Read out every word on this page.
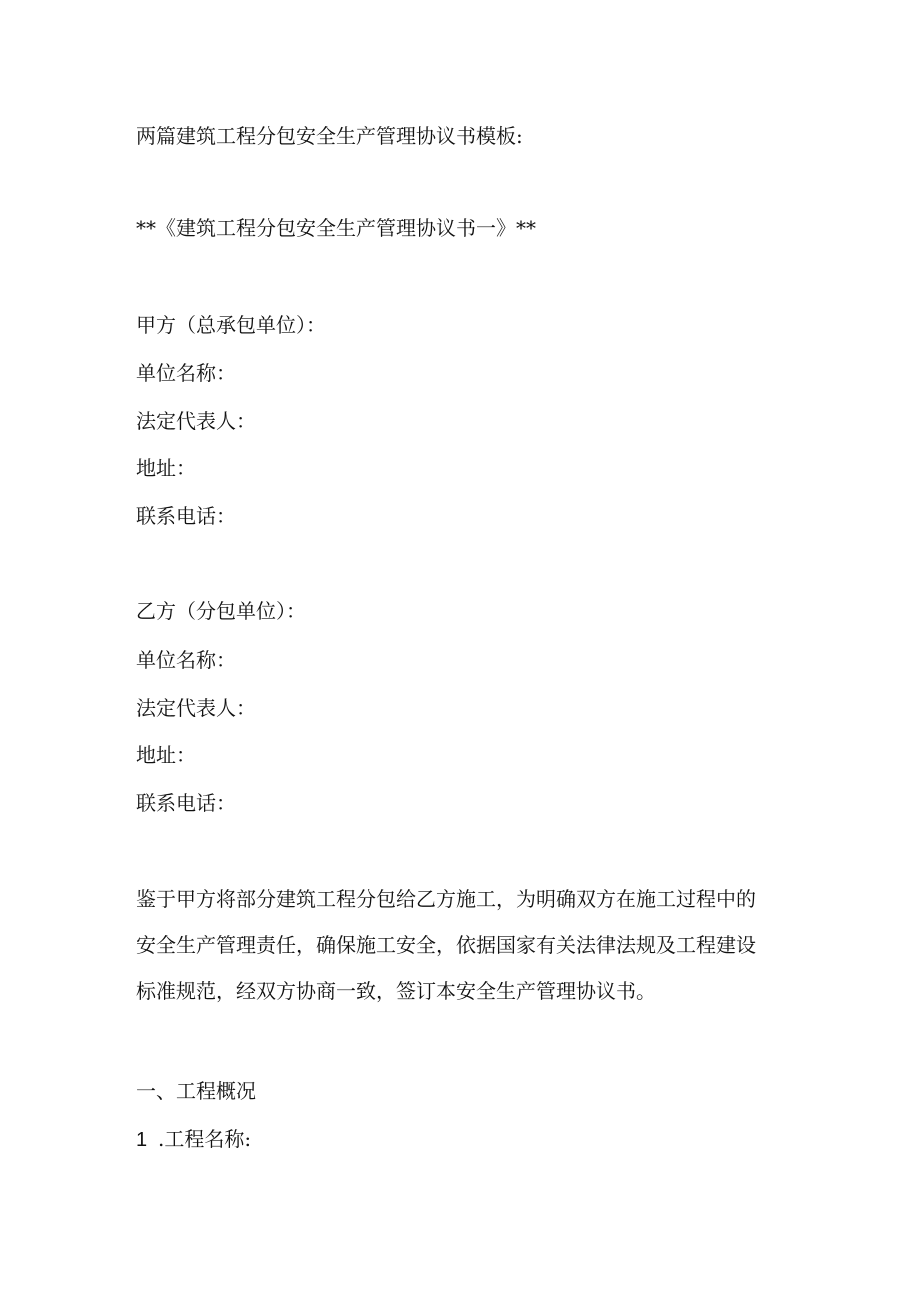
两篇建筑工程分包安全生产管理协议书模板:
**《建筑工程分包安全生产管理协议书一》**
甲方（总承包单位）：
单位名称：
法定代表人：
地址：
联系电话：
乙方（分包单位）：
单位名称：
法定代表人：
地址：
联系电话：
鉴于甲方将部分建筑工程分包给乙方施工，为明确双方在施工过程中的
安全生产管理责任，确保施工安全，依据国家有关法律法规及工程建设
标准规范，经双方协商一致，签订本安全生产管理协议书。
一、工程概况
1 .工程名称:
